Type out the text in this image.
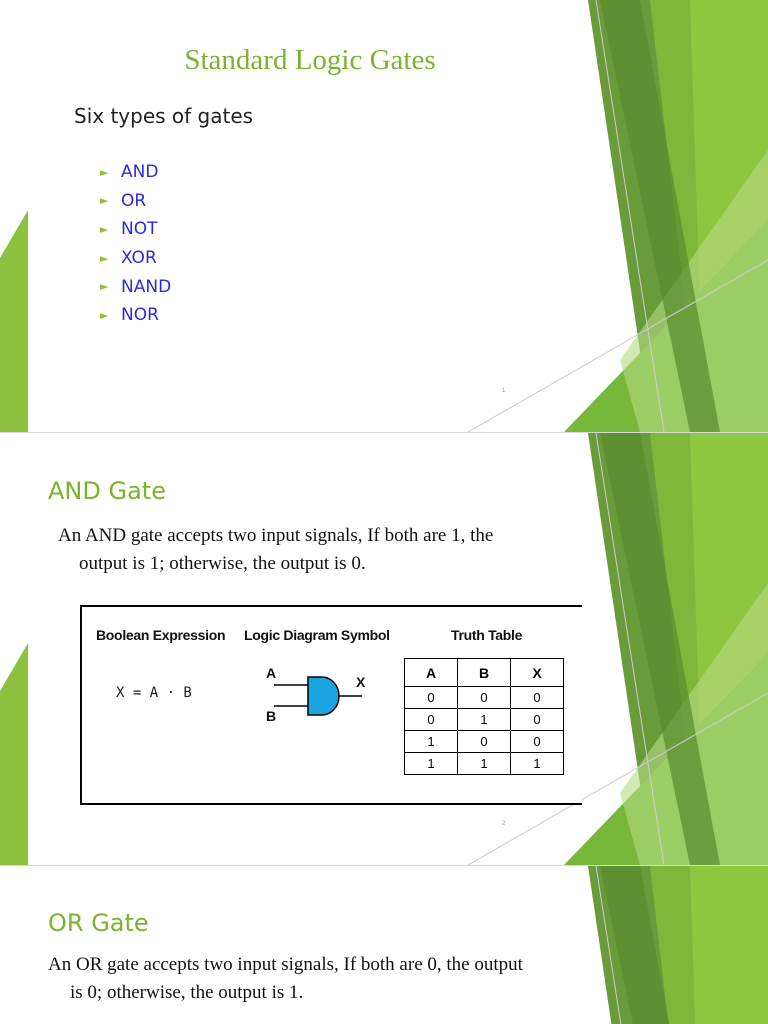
Standard Logic Gates

Six types of gates

► AND
► OR
► NOT
► XOR
► NAND
► NOR
1
AND Gate

An AND gate accepts two input signals, If both are 1, the

output is 1; otherwise, the output is 0.

Boolean Expression Logic Diagram Symbol	Truth Table
X = A · B
A
B
X
A	B	X
0	0	0
0	1	0
1	0	0
1	1	1
2
OR Gate

An OR gate accepts two input signals, If both are 0, the output

is 0; otherwise, the output is 1.
